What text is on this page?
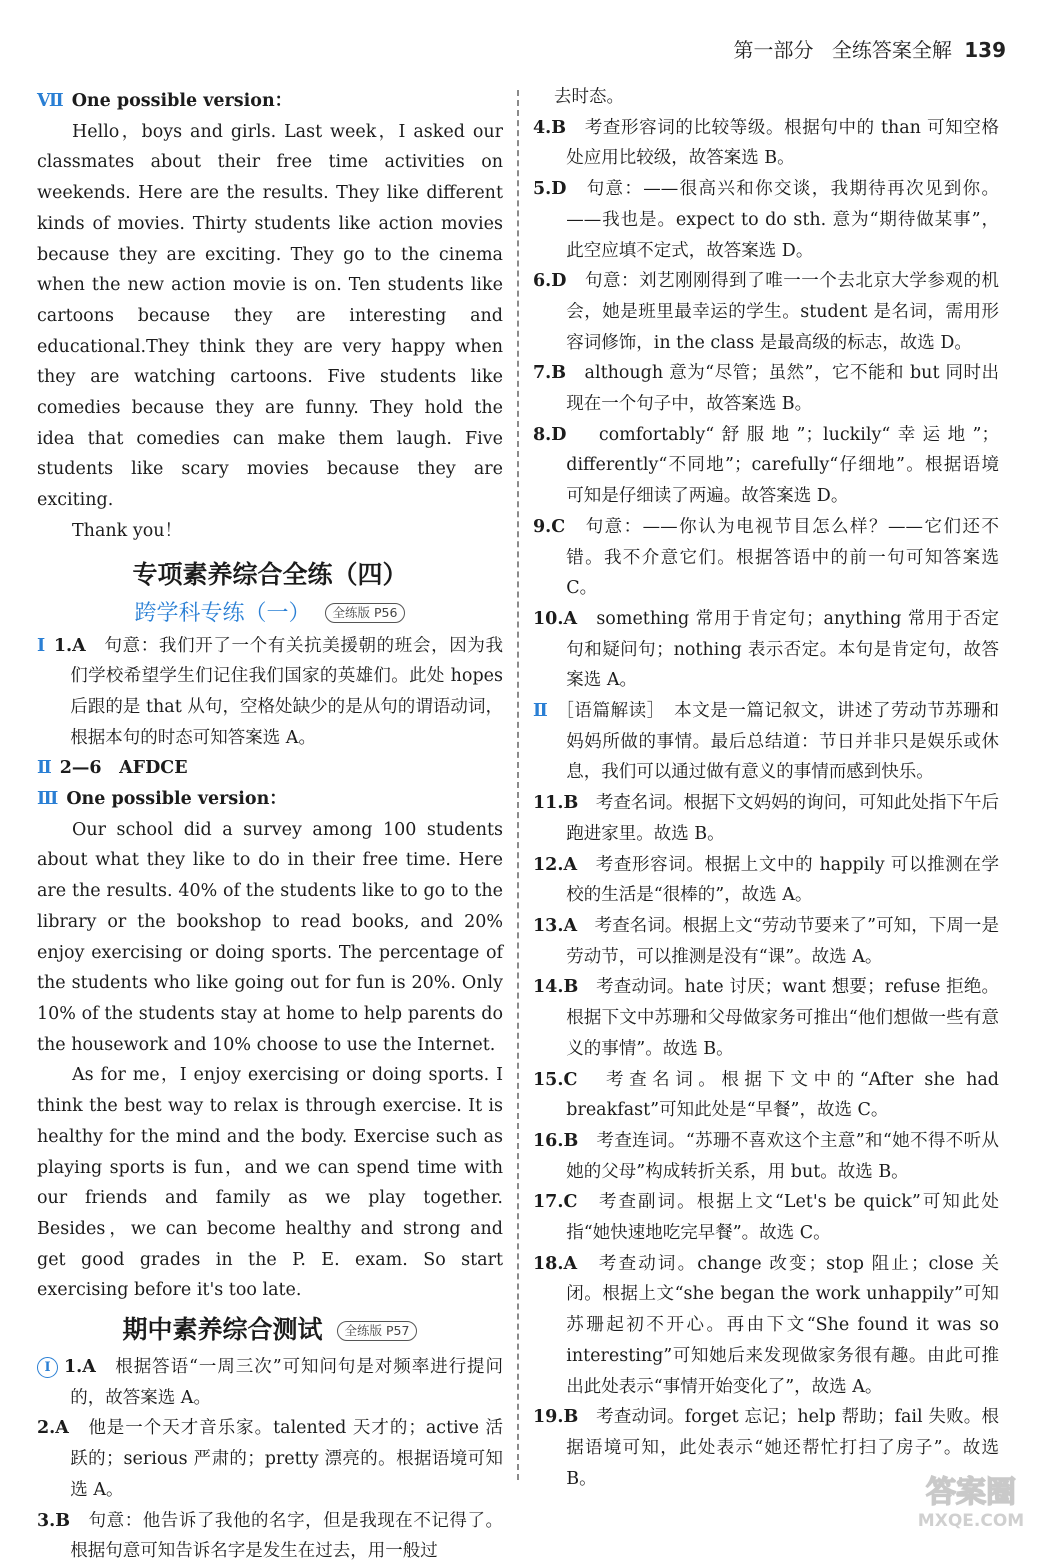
第一部分 全练答案全解 139

Ⅶ One possible version：

Hello，boys and girls. Last week，I asked our classmates about their free time activities on weekends. Here are the results. They like different kinds of movies. Thirty students like action movies because they are exciting. They go to the cinema when the new action movie is on. Ten students like cartoons because they are interesting and educational.They think they are very happy when they are watching cartoons. Five students like comedies because they are funny. They hold the idea that comedies can make them laugh. Five students like scary movies because they are exciting.

Thank you！

专项素养综合全练（四）
跨学科专练（一） 全练版 P56

Ⅰ 1.A　 句意：我们开了一个有关抗美援朝的班会，因为我们学校希望学生们记住我们国家的英雄们。此处 hopes 后跟的是 that 从句，空格处缺少的是从句的谓语动词，根据本句的时态可知答案选 A。

Ⅱ 2—6　AFDCE

Ⅲ One possible version：

Our school did a survey among 100 students about what they like to do in their free time. Here are the results. 40% of the students like to go to the library or the bookshop to read books, and 20% enjoy exercising or doing sports. The percentage of the students who like going out for fun is 20%. Only 10% of the students stay at home to help parents do the housework and 10% choose to use the Internet.

As for me，I enjoy exercising or doing sports. I think the best way to relax is through exercise. It is healthy for the mind and the body. Exercise such as playing sports is fun，and we can spend time with our friends and family as we play together. Besides，we can become healthy and strong and get good grades in the P. E. exam. So start exercising before it's too late.

期中素养综合测试 全练版 P57

Ⅰ 1.A　 根据答语“一周三次”可知问句是对频率进行提问的，故答案选 A。

2.A　 他是一个天才音乐家。talented 天才的；active 活跃的；serious 严肃的；pretty 漂亮的。根据语境可知选 A。

3.B　 句意：他告诉了我他的名字，但是我现在不记得了。根据句意可知告诉名字是发生在过去，用一般过

去时态。

4.B　 考查形容词的比较等级。根据句中的 than 可知空格处应用比较级，故答案选 B。

5.D　 句意：——很高兴和你交谈，我期待再次见到你。——我也是。expect to do sth. 意为“期待做某事”，此空应填不定式，故答案选 D。

6.D　 句意：刘艺刚刚得到了唯一一个去北京大学参观的机会，她是班里最幸运的学生。student 是名词，需用形容词修饰，in the class 是最高级的标志，故选 D。

7.B　 although 意为“尽管；虽然”，它不能和 but 同时出现在一个句子中，故答案选 B。

8.D　 comfortably“舒服地”；luckily“幸运地”；differently“不同地”；carefully“仔细地”。根据语境可知是仔细读了两遍。故答案选 D。

9.C　 句意：——你认为电视节目怎么样？——它们还不错。我不介意它们。根据答语中的前一句可知答案选 C。

10.A　 something 常用于肯定句；anything 常用于否定句和疑问句；nothing 表示否定。本句是肯定句，故答案选 A。

Ⅱ ［语篇解读］　本文是一篇记叙文，讲述了劳动节苏珊和妈妈所做的事情。最后总结道：节日并非只是娱乐或休息，我们可以通过做有意义的事情而感到快乐。

11.B　 考查名词。根据下文妈妈的询问，可知此处指下午后跑进家里。故选 B。

12.A　 考查形容词。根据上文中的 happily 可以推测在学校的生活是“很棒的”，故选 A。

13.A　 考查名词。根据上文“劳动节要来了”可知，下周一是劳动节，可以推测是没有“课”。故选 A。

14.B　 考查动词。hate 讨厌；want 想要；refuse 拒绝。根据下文中苏珊和父母做家务可推出“他们想做一些有意义的事情”。故选 B。

15.C　 考查名词。根据下文中的“After she had breakfast”可知此处是“早餐”，故选 C。

16.B　 考查连词。“苏珊不喜欢这个主意”和“她不得不听从她的父母”构成转折关系，用 but。故选 B。

17.C　 考查副词。根据上文“Let's be quick”可知此处指“她快速地吃完早餐”。故选 C。

18.A　 考查动词。change 改变；stop 阻止；close 关闭。根据上文“she began the work unhappily”可知苏珊起初不开心。再由下文“She found it was so interesting”可知她后来发现做家务很有趣。由此可推出此处表示“事情开始变化了”，故选 A。

19.B　 考查动词。forget 忘记；help 帮助；fail 失败。根据语境可知，此处表示“她还帮忙打扫了房子”。故选 B。	答案圈
MXQE.COM
